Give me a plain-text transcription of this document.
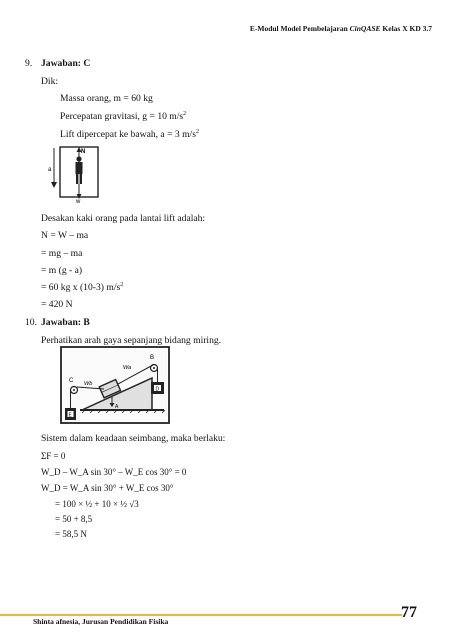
E-Modul Model Pembelajaran CinQASE Kelas X KD 3.7
9. Jawaban: C
Dik:
Massa orang, m = 60 kg
Percepatan gravitasi, g = 10 $m/s^2$
Lift dipercepat ke bawah, a = 3 $m/s^2$
a
N
w
Desakan kaki orang pada lantai lift adalah:
N = W – ma
= mg – ma
= m (g - a)
= 60 kg x (10-3) $m/s^2$
= 420 N
10. Jawaban: B
Perhatikan arah gaya sepanjang bidang miring.
B
D
Wa
C
E
Wb
A
Sistem dalam keadaan seimbang, maka berlaku:
ΣF = 0
W_D – W_A sin 30° – W_E cos 30° = 0
W_D = W_A sin 30° + W_E cos 30°
= 100 × ½ + 10 × ½ √3
= 50 + 8,5
= 58,5 N
Shinta afnesia, Jurusan Pendidikan Fisika
77
